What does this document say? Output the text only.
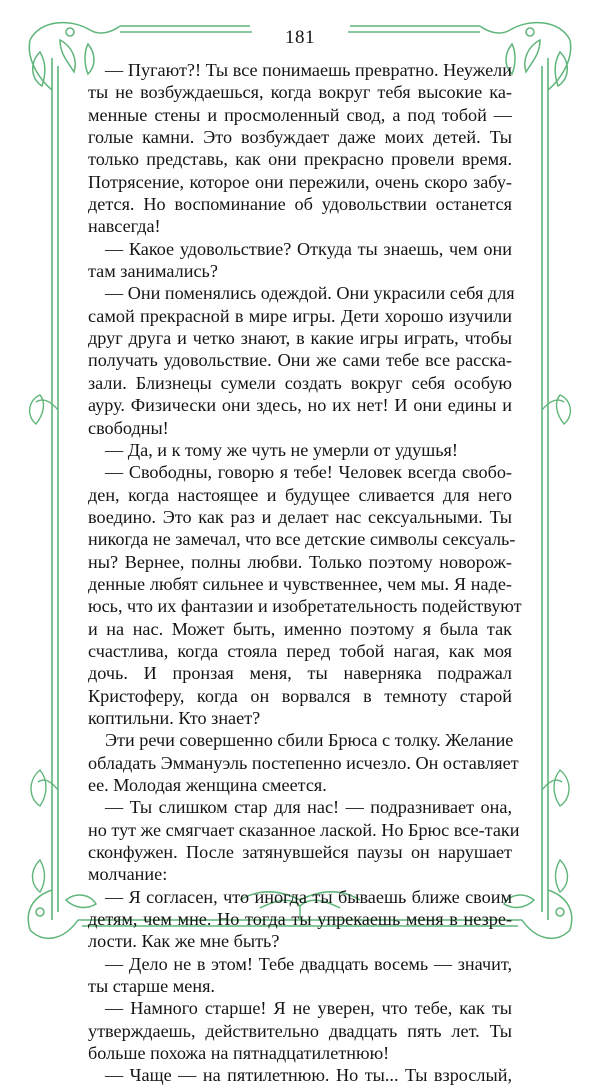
181
— Пугают?! Ты все понимаешь превратно. Неужели
ты не возбуждаешься, когда вокруг тебя высокие ка-
менные стены и просмоленный свод, а под тобой —
голые камни. Это возбуждает даже моих детей. Ты
только представь, как они прекрасно провели время.
Потрясение, которое они пережили, очень скоро забу-
дется. Но воспоминание об удовольствии останется
навсегда!
— Какое удовольствие? Откуда ты знаешь, чем они
там занимались?
— Они поменялись одеждой. Они украсили себя для
самой прекрасной в мире игры. Дети хорошо изучили
друг друга и четко знают, в какие игры играть, чтобы
получать удовольствие. Они же сами тебе все расска-
зали. Близнецы сумели создать вокруг себя особую
ауру. Физически они здесь, но их нет! И они едины и
свободны!
— Да, и к тому же чуть не умерли от удушья!
— Свободны, говорю я тебе! Человек всегда свобо-
ден, когда настоящее и будущее сливается для него
воедино. Это как раз и делает нас сексуальными. Ты
никогда не замечал, что все детские символы сексуаль-
ны? Вернее, полны любви. Только поэтому новорож-
денные любят сильнее и чувственнее, чем мы. Я наде-
юсь, что их фантазии и изобретательность подействуют
и на нас. Может быть, именно поэтому я была так
счастлива, когда стояла перед тобой нагая, как моя
дочь. И пронзая меня, ты наверняка подражал
Кристоферу, когда он ворвался в темноту старой
коптильни. Кто знает?
Эти речи совершенно сбили Брюса с толку. Желание
обладать Эммануэль постепенно исчезло. Он оставляет
ее. Молодая женщина смеется.
— Ты слишком стар для нас! — подразнивает она,
но тут же смягчает сказанное лаской. Но Брюс все-таки
сконфужен. После затянувшейся паузы он нарушает
молчание:
— Я согласен, что иногда ты бываешь ближе своим
детям, чем мне. Но тогда ты упрекаешь меня в незре-
лости. Как же мне быть?
— Дело не в этом! Тебе двадцать восемь — значит,
ты старше меня.
— Намного старше! Я не уверен, что тебе, как ты
утверждаешь, действительно двадцать пять лет. Ты
больше похожа на пятнадцатилетнюю!
— Чаще — на пятилетнюю. Но ты... Ты взрослый,
